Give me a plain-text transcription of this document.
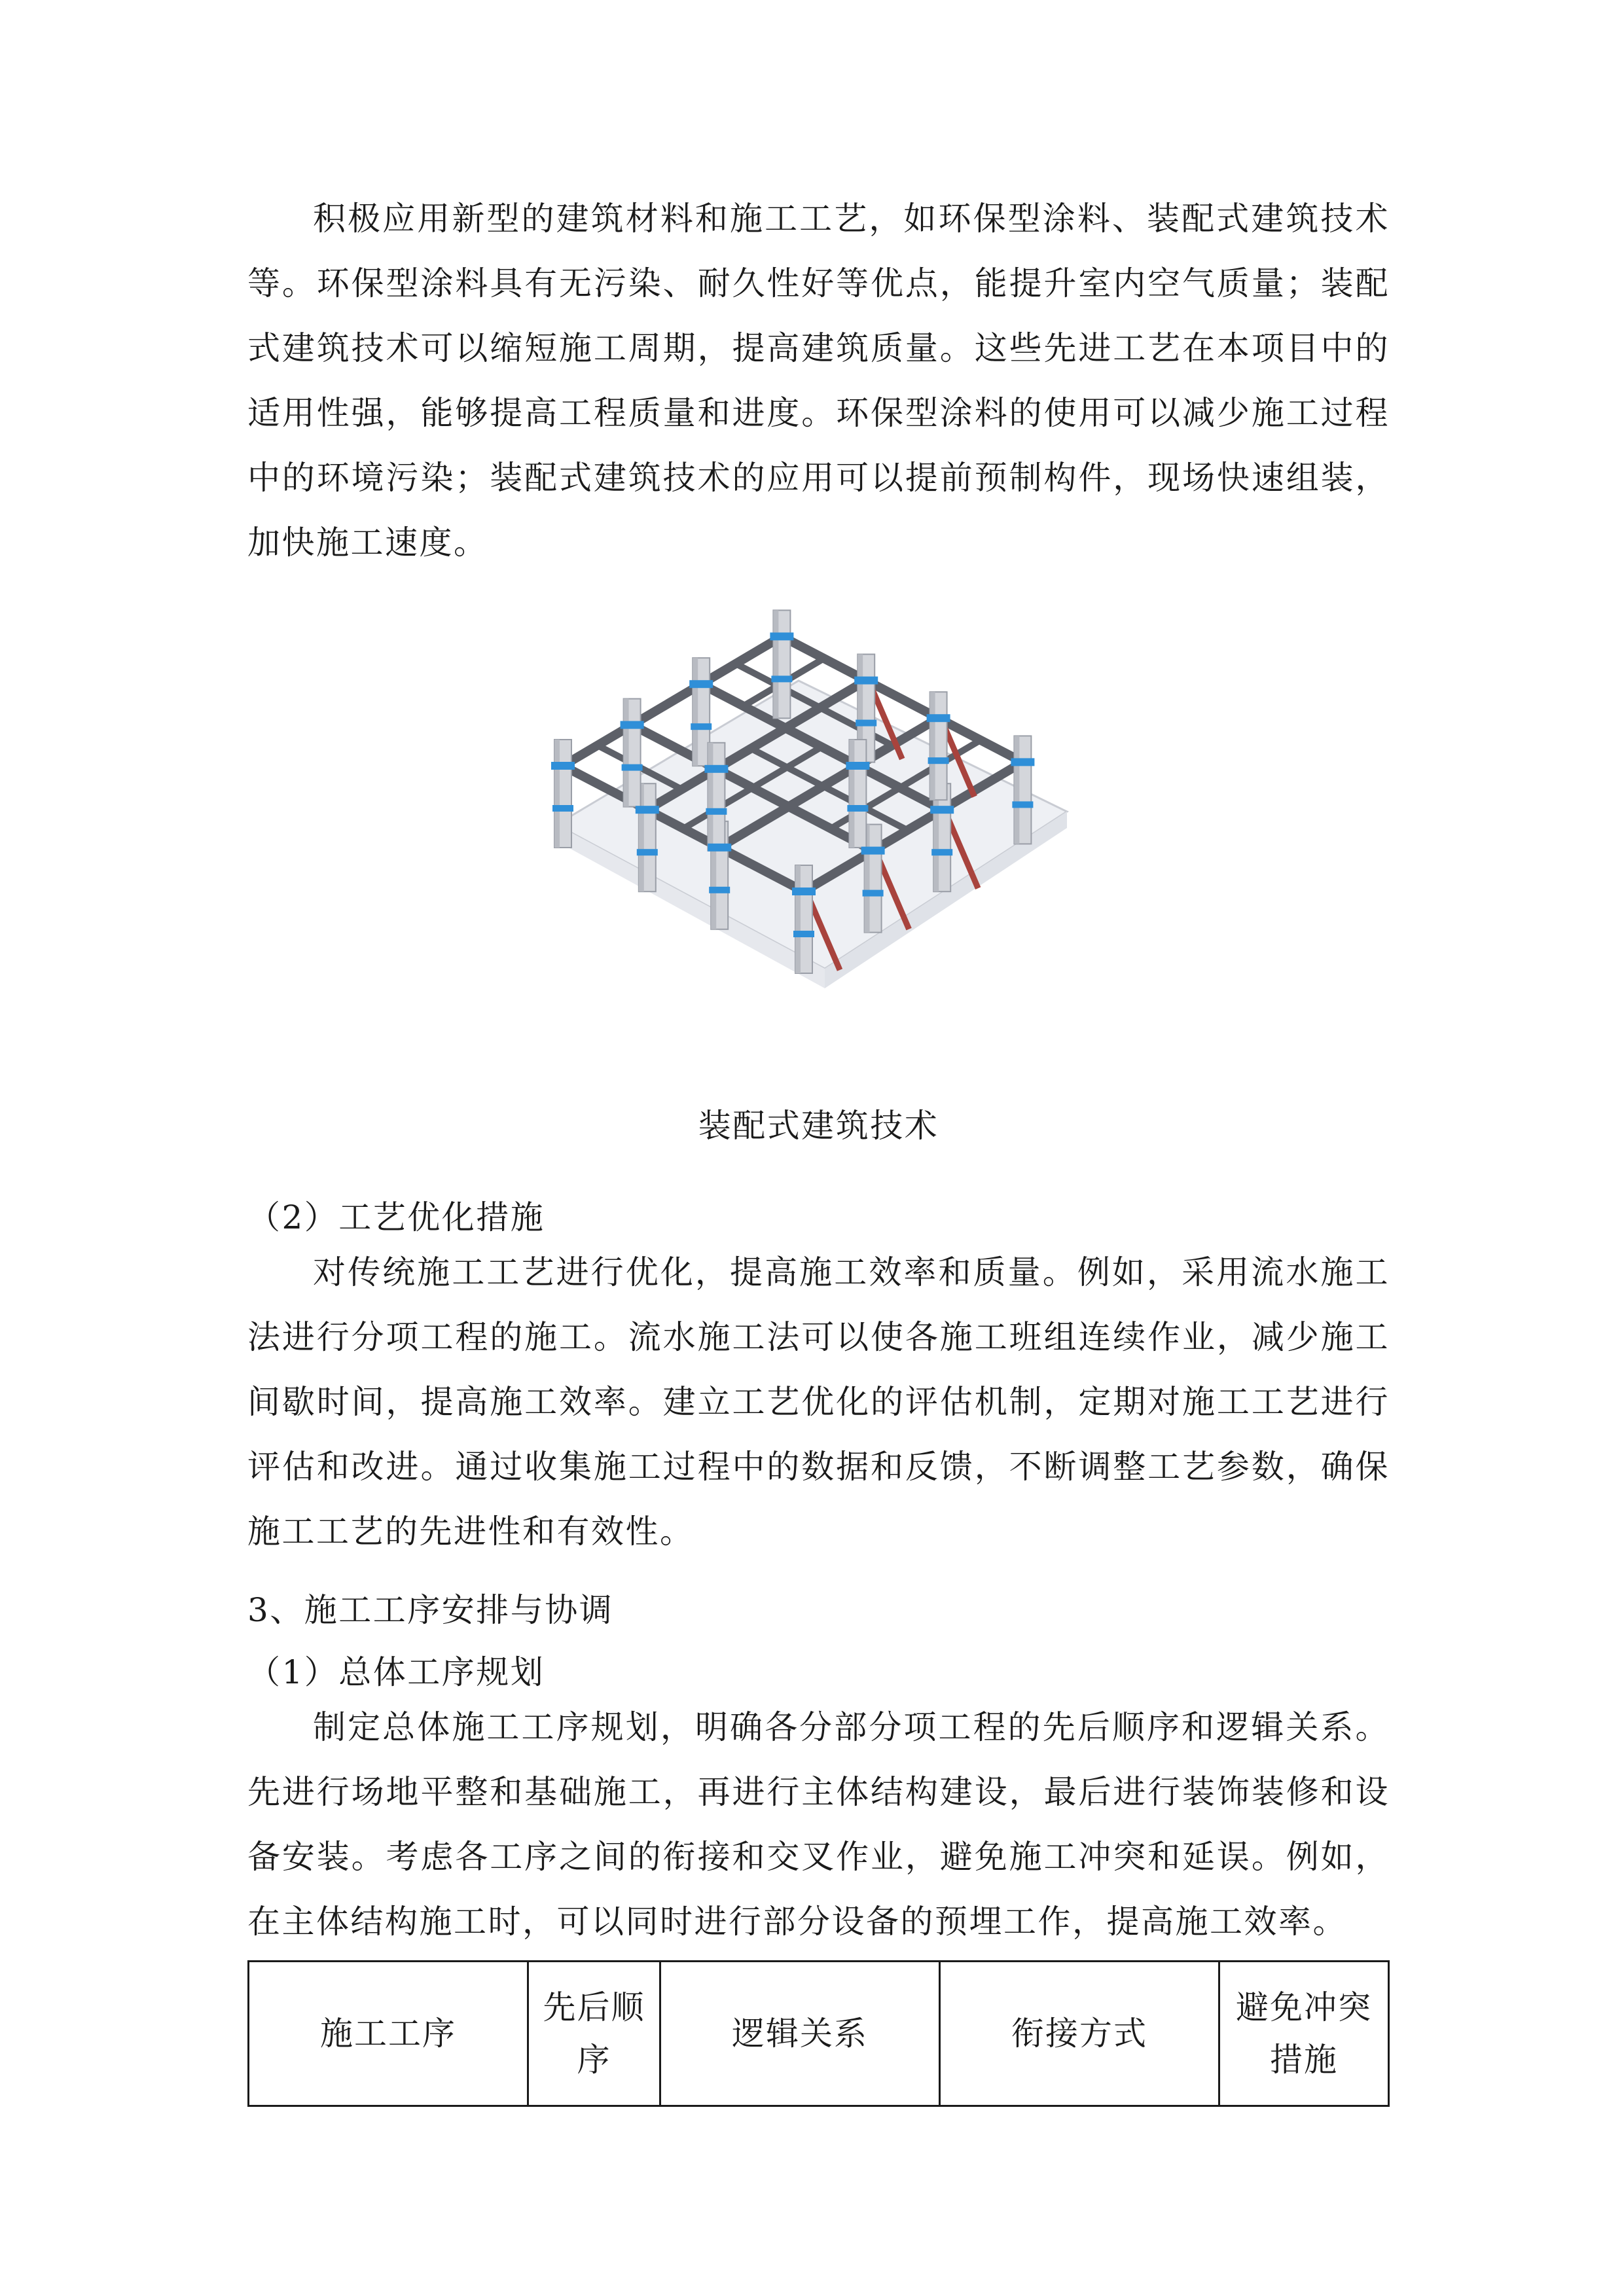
积极应用新型的建筑材料和施工工艺，如环保型涂料、装配式建筑技术等。环保型涂料具有无污染、耐久性好等优点，能提升室内空气质量；装配式建筑技术可以缩短施工周期，提高建筑质量。这些先进工艺在本项目中的适用性强，能够提高工程质量和进度。环保型涂料的使用可以减少施工过程中的环境污染；装配式建筑技术的应用可以提前预制构件，现场快速组装，加快施工速度。

装配式建筑技术
（2）工艺优化措施

对传统施工工艺进行优化，提高施工效率和质量。例如，采用流水施工法进行分项工程的施工。流水施工法可以使各施工班组连续作业，减少施工间歇时间，提高施工效率。建立工艺优化的评估机制，定期对施工工艺进行评估和改进。通过收集施工过程中的数据和反馈，不断调整工艺参数，确保施工工艺的先进性和有效性。

3、施工工序安排与协调
（1）总体工序规划

制定总体施工工序规划，明确各分部分项工程的先后顺序和逻辑关系。先进行场地平整和基础施工，再进行主体结构建设，最后进行装饰装修和设备安装。考虑各工序之间的衔接和交叉作业，避免施工冲突和延误。例如，在主体结构施工时，可以同时进行部分设备的预埋工作，提高施工效率。

施工工序	先后顺序	逻辑关系	衔接方式	避免冲突措施
